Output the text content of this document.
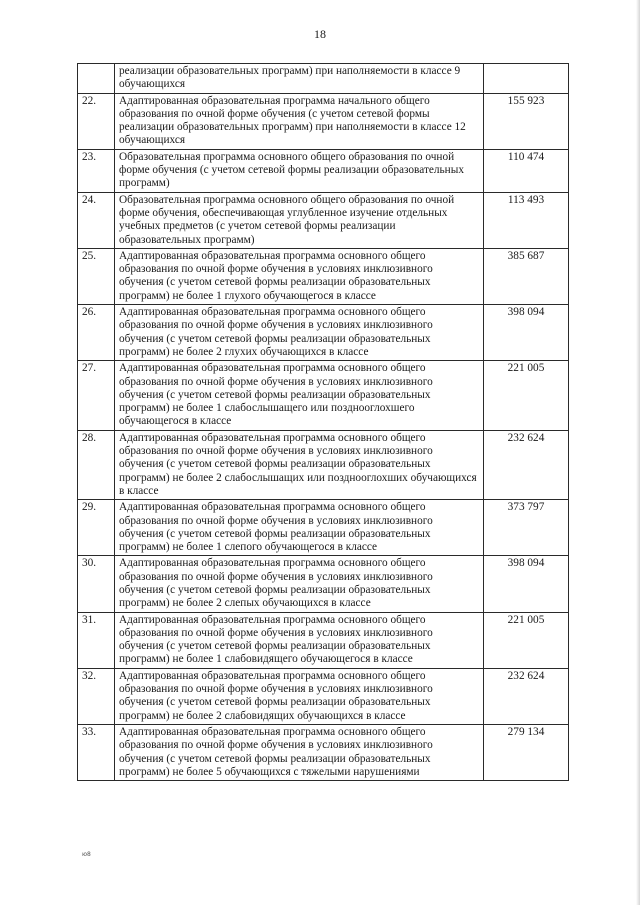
18
	реализации образовательных программ) при наполняемости в классе 9 обучающихся	
22.	Адаптированная образовательная программа начального общего образования по очной форме обучения (с учетом сетевой формы реализации образовательных программ) при наполняемости в классе 12 обучающихся	155 923
23.	Образовательная программа основного общего образования по очной форме обучения (с учетом сетевой формы реализации образовательных программ)	110 474
24.	Образовательная программа основного общего образования по очной форме обучения, обеспечивающая углубленное изучение отдельных учебных предметов (с учетом сетевой формы реализации образовательных программ)	113 493
25.	Адаптированная образовательная программа основного общего образования по очной форме обучения в условиях инклюзивного обучения (с учетом сетевой формы реализации образовательных программ) не более 1 глухого обучающегося в классе	385 687
26.	Адаптированная образовательная программа основного общего образования по очной форме обучения в условиях инклюзивного обучения (с учетом сетевой формы реализации образовательных программ) не более 2 глухих обучающихся в классе	398 094
27.	Адаптированная образовательная программа основного общего образования по очной форме обучения в условиях инклюзивного обучения (с учетом сетевой формы реализации образовательных программ) не более 1 слабослышащего или позднооглохшего обучающегося в классе	221 005
28.	Адаптированная образовательная программа основного общего образования по очной форме обучения в условиях инклюзивного обучения (с учетом сетевой формы реализации образовательных программ) не более 2 слабослышащих или позднооглохших обучающихся в классе	232 624
29.	Адаптированная образовательная программа основного общего образования по очной форме обучения в условиях инклюзивного обучения (с учетом сетевой формы реализации образовательных программ) не более 1 слепого обучающегося в классе	373 797
30.	Адаптированная образовательная программа основного общего образования по очной форме обучения в условиях инклюзивного обучения (с учетом сетевой формы реализации образовательных программ) не более 2 слепых обучающихся в классе	398 094
31.	Адаптированная образовательная программа основного общего образования по очной форме обучения в условиях инклюзивного обучения (с учетом сетевой формы реализации образовательных программ) не более 1 слабовидящего обучающегося в классе	221 005
32.	Адаптированная образовательная программа основного общего образования по очной форме обучения в условиях инклюзивного обучения (с учетом сетевой формы реализации образовательных программ) не более 2 слабовидящих обучающихся в классе	232 624
33.	Адаптированная образовательная программа основного общего образования по очной форме обучения в условиях инклюзивного обучения (с учетом сетевой формы реализации образовательных программ) не более 5 обучающихся с тяжелыми нарушениями	279 134
ю8
